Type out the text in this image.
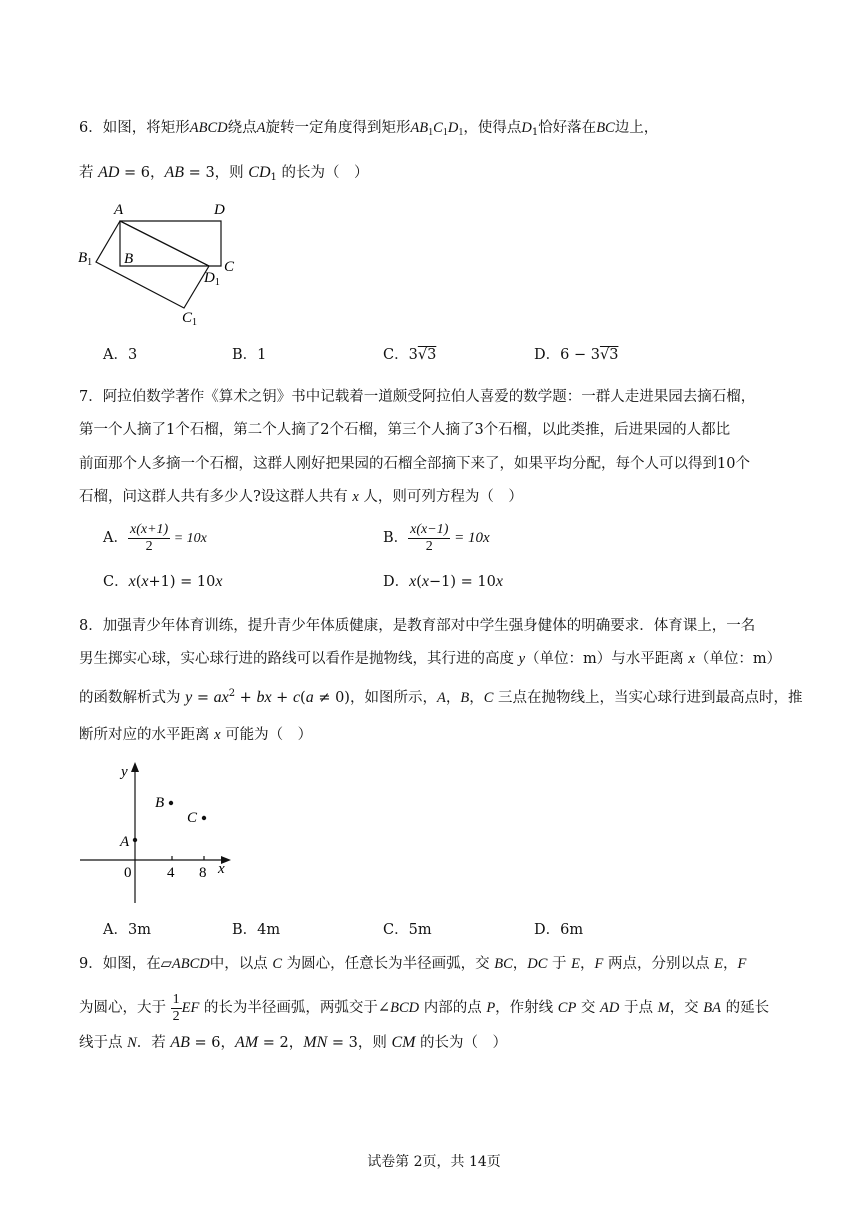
6．如图，将矩形ABCD绕点A旋转一定角度得到矩形$AB_1C_1D_1$，使得点$D_1$恰好落在BC边上，
若 AD = 6，AB = 3，则 $CD_1$ 的长为（　）
A	D
$B_1$ B	C
$D_1$
$C_1$
A．3	B．1	C．3√3	D．6 − 3√3
7．阿拉伯数学著作《算术之钥》书中记载着一道颇受阿拉伯人喜爱的数学题：一群人走进果园去摘石榴，
第一个人摘了1个石榴，第二个人摘了2个石榴，第三个人摘了3个石榴，以此类推，后进果园的人都比
前面那个人多摘一个石榴，这群人刚好把果园的石榴全部摘下来了，如果平均分配，每个人可以得到10个
石榴，问这群人共有多少人?设这群人共有 x 人，则可列方程为（　）
A． $\frac{x(x+1)}{2} = 10x$	B． $\frac{x(x-1)}{2} = 10x$
C．x(x+1) = 10x	D．x(x−1) = 10x
8．加强青少年体育训练，提升青少年体质健康，是教育部对中学生强身健体的明确要求．体育课上，一名
男生掷实心球，实心球行进的路线可以看作是抛物线，其行进的高度 y（单位：m）与水平距离 x（单位：m）
的函数解析式为 $y = ax^2$ + bx + c(a ≠ 0)，如图所示，A，B，C 三点在抛物线上，当实心球行进到最高点时，推
断所对应的水平距离 x 可能为（　）
y
B
C
A
0 4 8 x
A．3m	B．4m	C．5m	D．6m
9．如图，在▱ABCD中，以点 C 为圆心，任意长为半径画弧，交 BC，DC 于 E，F 两点，分别以点 E，F
为圆心，大于 $\frac{1}{2}$ EF 的长为半径画弧，两弧交于∠BCD 内部的点 P，作射线 CP 交 AD 于点 M，交 BA 的延长
线于点 N．若 AB = 6，AM = 2，MN = 3，则 CM 的长为（　）
试卷第 2页，共 14页
